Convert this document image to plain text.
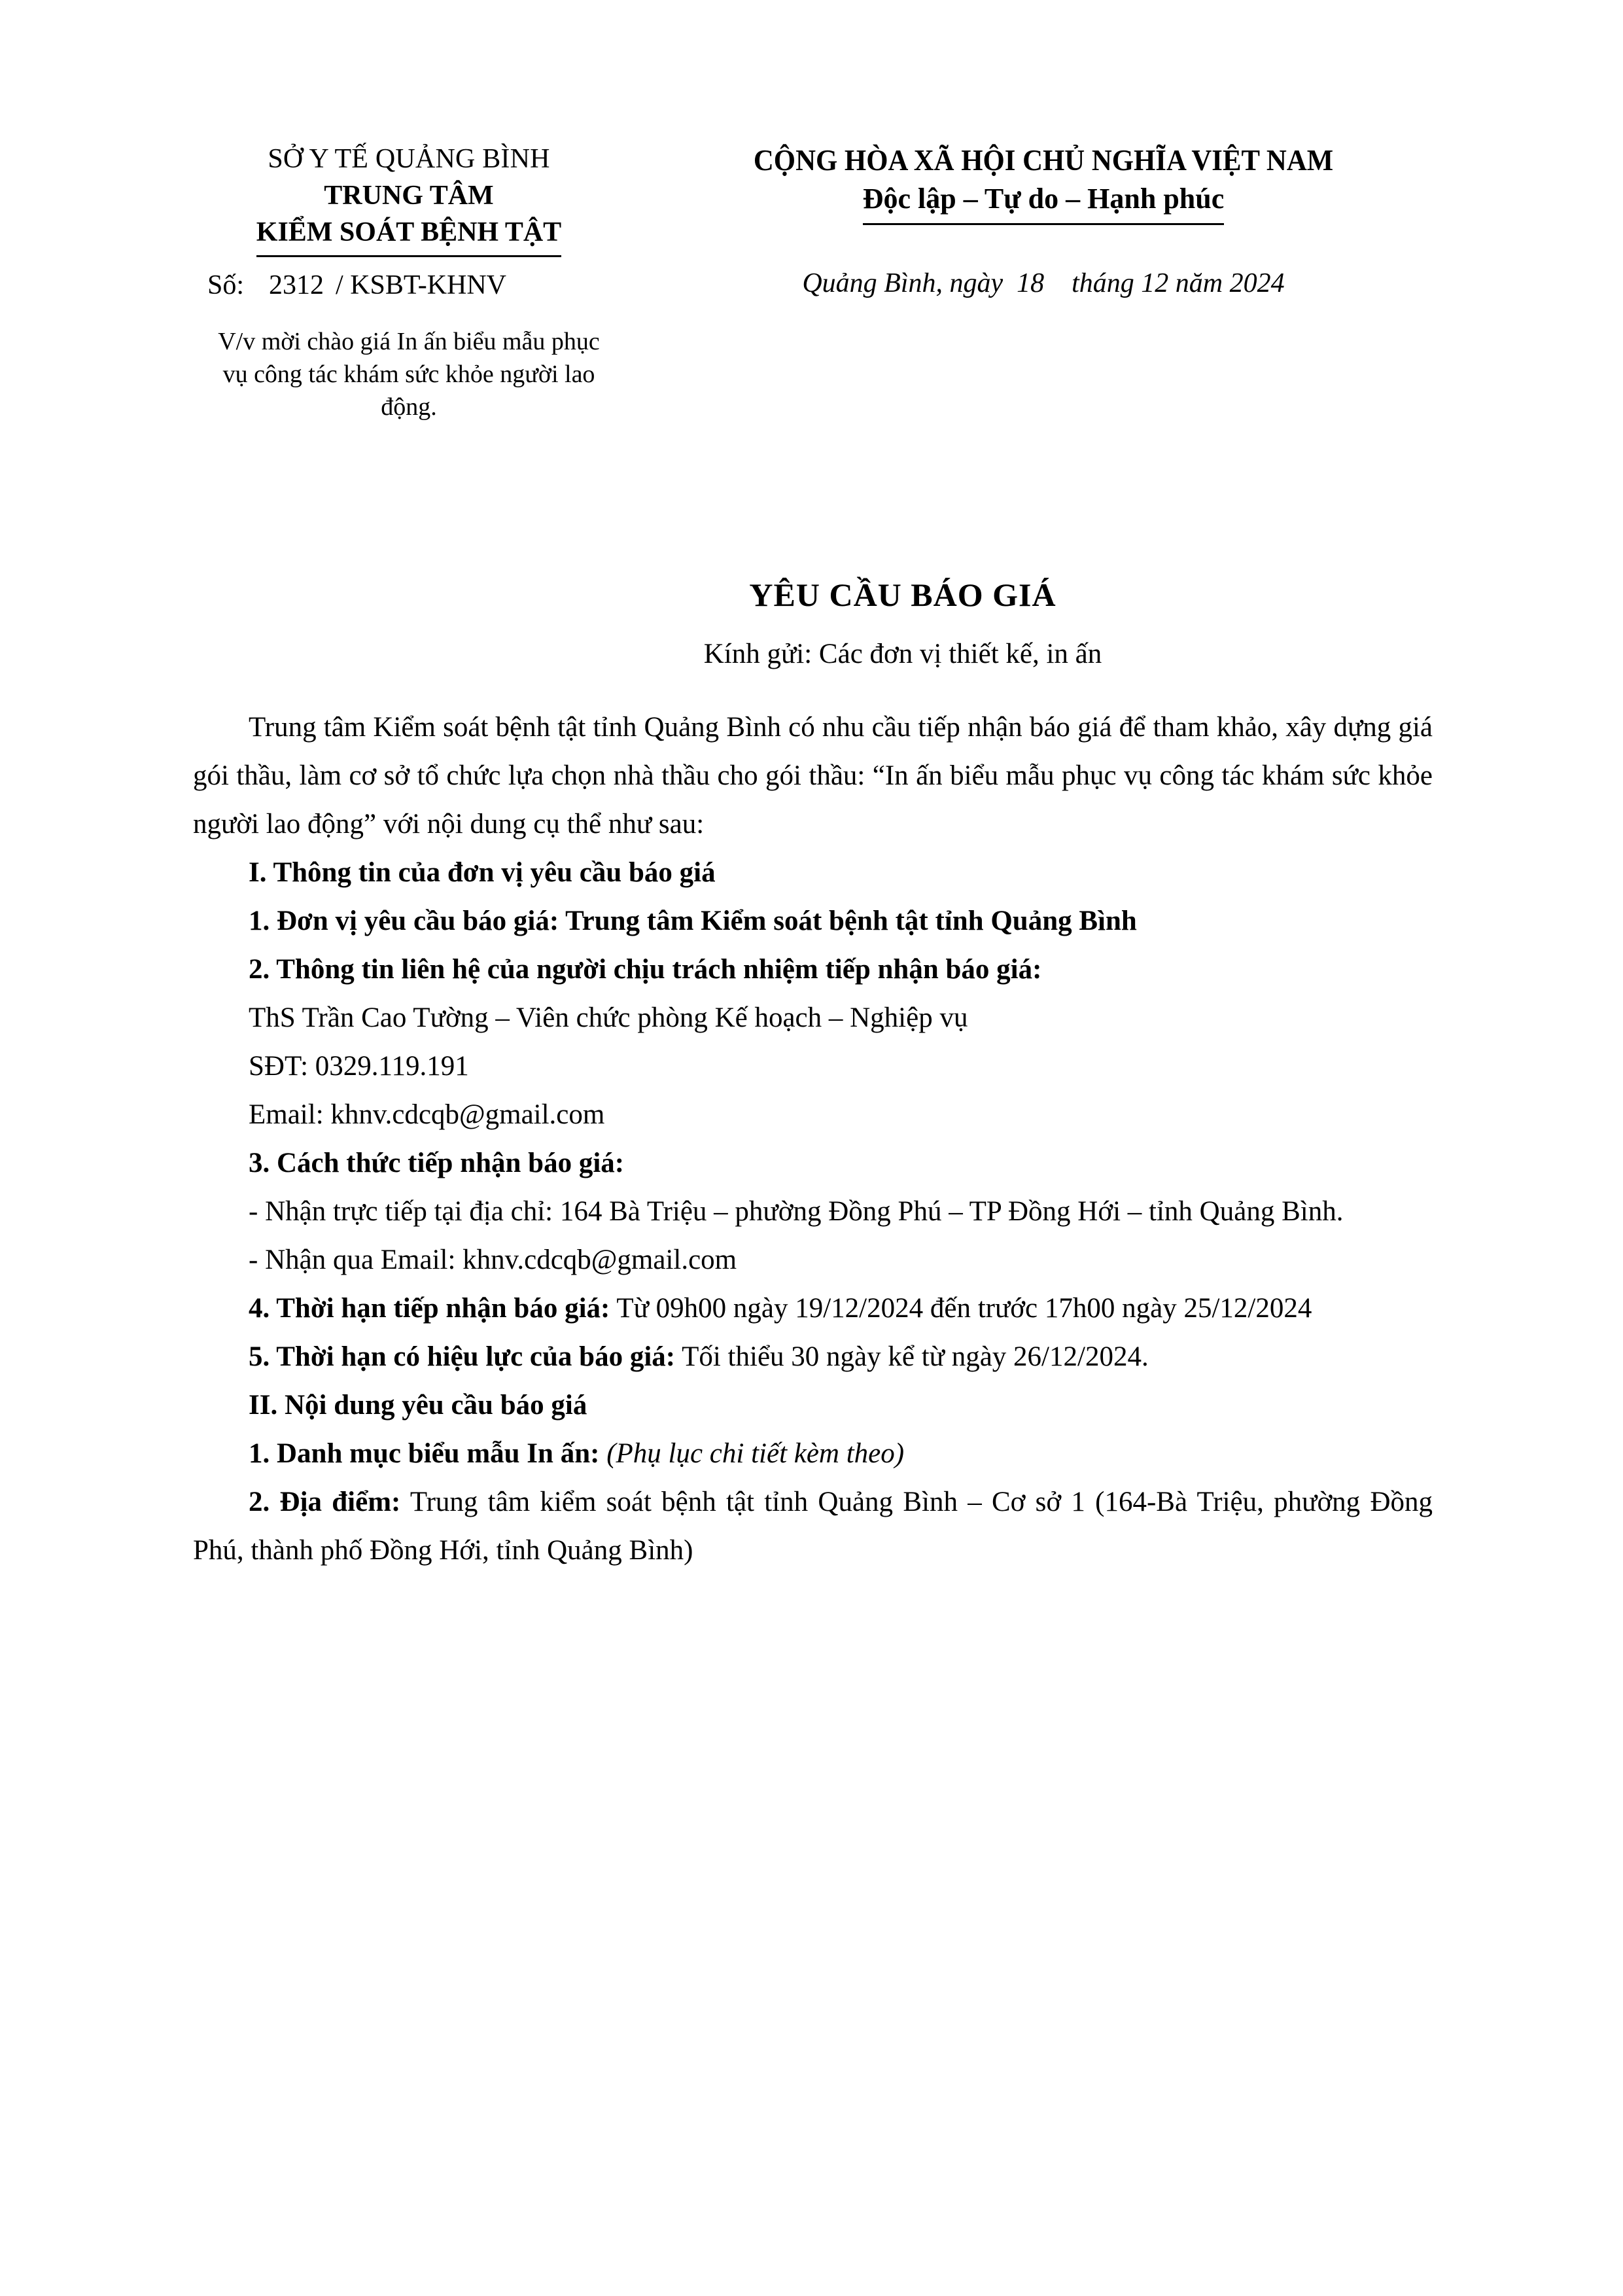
SỞ Y TẾ QUẢNG BÌNH
TRUNG TÂM
KIỂM SOÁT BỆNH TẬT
Số: 2312 / KSBT-KHNV
V/v mời chào giá In ấn biểu mẫu phục vụ công tác khám sức khỏe người lao động.
CỘNG HÒA XÃ HỘI CHỦ NGHĨA VIỆT NAM
Độc lập – Tự do – Hạnh phúc
Quảng Bình, ngày  18    tháng 12 năm 2024
YÊU CẦU BÁO GIÁ
Kính gửi: Các đơn vị thiết kế, in ấn

Trung tâm Kiểm soát bệnh tật tỉnh Quảng Bình có nhu cầu tiếp nhận báo giá để tham khảo, xây dựng giá gói thầu, làm cơ sở tổ chức lựa chọn nhà thầu cho gói thầu: “In ấn biểu mẫu phục vụ công tác khám sức khỏe người lao động” với nội dung cụ thể như sau:

I. Thông tin của đơn vị yêu cầu báo giá

1. Đơn vị yêu cầu báo giá: Trung tâm Kiểm soát bệnh tật tỉnh Quảng Bình

2. Thông tin liên hệ của người chịu trách nhiệm tiếp nhận báo giá:

ThS Trần Cao Tường – Viên chức phòng Kế hoạch – Nghiệp vụ

SĐT: 0329.119.191

Email: khnv.cdcqb@gmail.com

3. Cách thức tiếp nhận báo giá:

- Nhận trực tiếp tại địa chỉ: 164 Bà Triệu – phường Đồng Phú – TP Đồng Hới – tỉnh Quảng Bình.

- Nhận qua Email: khnv.cdcqb@gmail.com

4. Thời hạn tiếp nhận báo giá: Từ 09h00 ngày 19/12/2024 đến trước 17h00 ngày 25/12/2024

5. Thời hạn có hiệu lực của báo giá: Tối thiểu 30 ngày kể từ ngày 26/12/2024.

II. Nội dung yêu cầu báo giá

1. Danh mục biểu mẫu In ấn: (Phụ lục chi tiết kèm theo)

2. Địa điểm: Trung tâm kiểm soát bệnh tật tỉnh Quảng Bình – Cơ sở 1 (164-Bà Triệu, phường Đồng Phú, thành phố Đồng Hới, tỉnh Quảng Bình)
